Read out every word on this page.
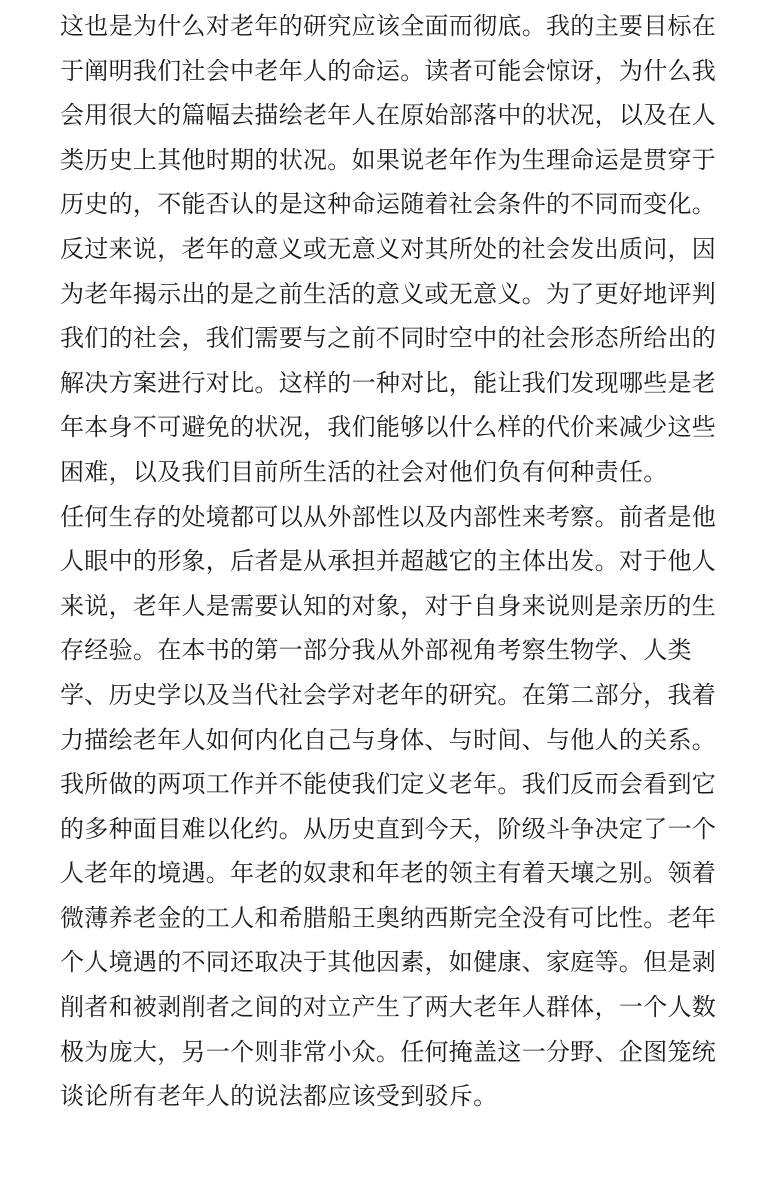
这也是为什么对老年的研究应该全面而彻底。我的主要目标在
于阐明我们社会中老年人的命运。读者可能会惊讶，为什么我
会用很大的篇幅去描绘老年人在原始部落中的状况，以及在人
类历史上其他时期的状况。如果说老年作为生理命运是贯穿于
历史的，不能否认的是这种命运随着社会条件的不同而变化。
反过来说，老年的意义或无意义对其所处的社会发出质问，因
为老年揭示出的是之前生活的意义或无意义。为了更好地评判
我们的社会，我们需要与之前不同时空中的社会形态所给出的
解决方案进行对比。这样的一种对比，能让我们发现哪些是老
年本身不可避免的状况，我们能够以什么样的代价来减少这些
困难，以及我们目前所生活的社会对他们负有何种责任。
任何生存的处境都可以从外部性以及内部性来考察。前者是他
人眼中的形象，后者是从承担并超越它的主体出发。对于他人
来说，老年人是需要认知的对象，对于自身来说则是亲历的生
存经验。在本书的第一部分我从外部视角考察生物学、人类
学、历史学以及当代社会学对老年的研究。在第二部分，我着
力描绘老年人如何内化自己与身体、与时间、与他人的关系。
我所做的两项工作并不能使我们定义老年。我们反而会看到它
的多种面目难以化约。从历史直到今天，阶级斗争决定了一个
人老年的境遇。年老的奴隶和年老的领主有着天壤之别。领着
微薄养老金的工人和希腊船王奥纳西斯完全没有可比性。老年
个人境遇的不同还取决于其他因素，如健康、家庭等。但是剥
削者和被剥削者之间的对立产生了两大老年人群体，一个人数
极为庞大，另一个则非常小众。任何掩盖这一分野、企图笼统
谈论所有老年人的说法都应该受到驳斥。
